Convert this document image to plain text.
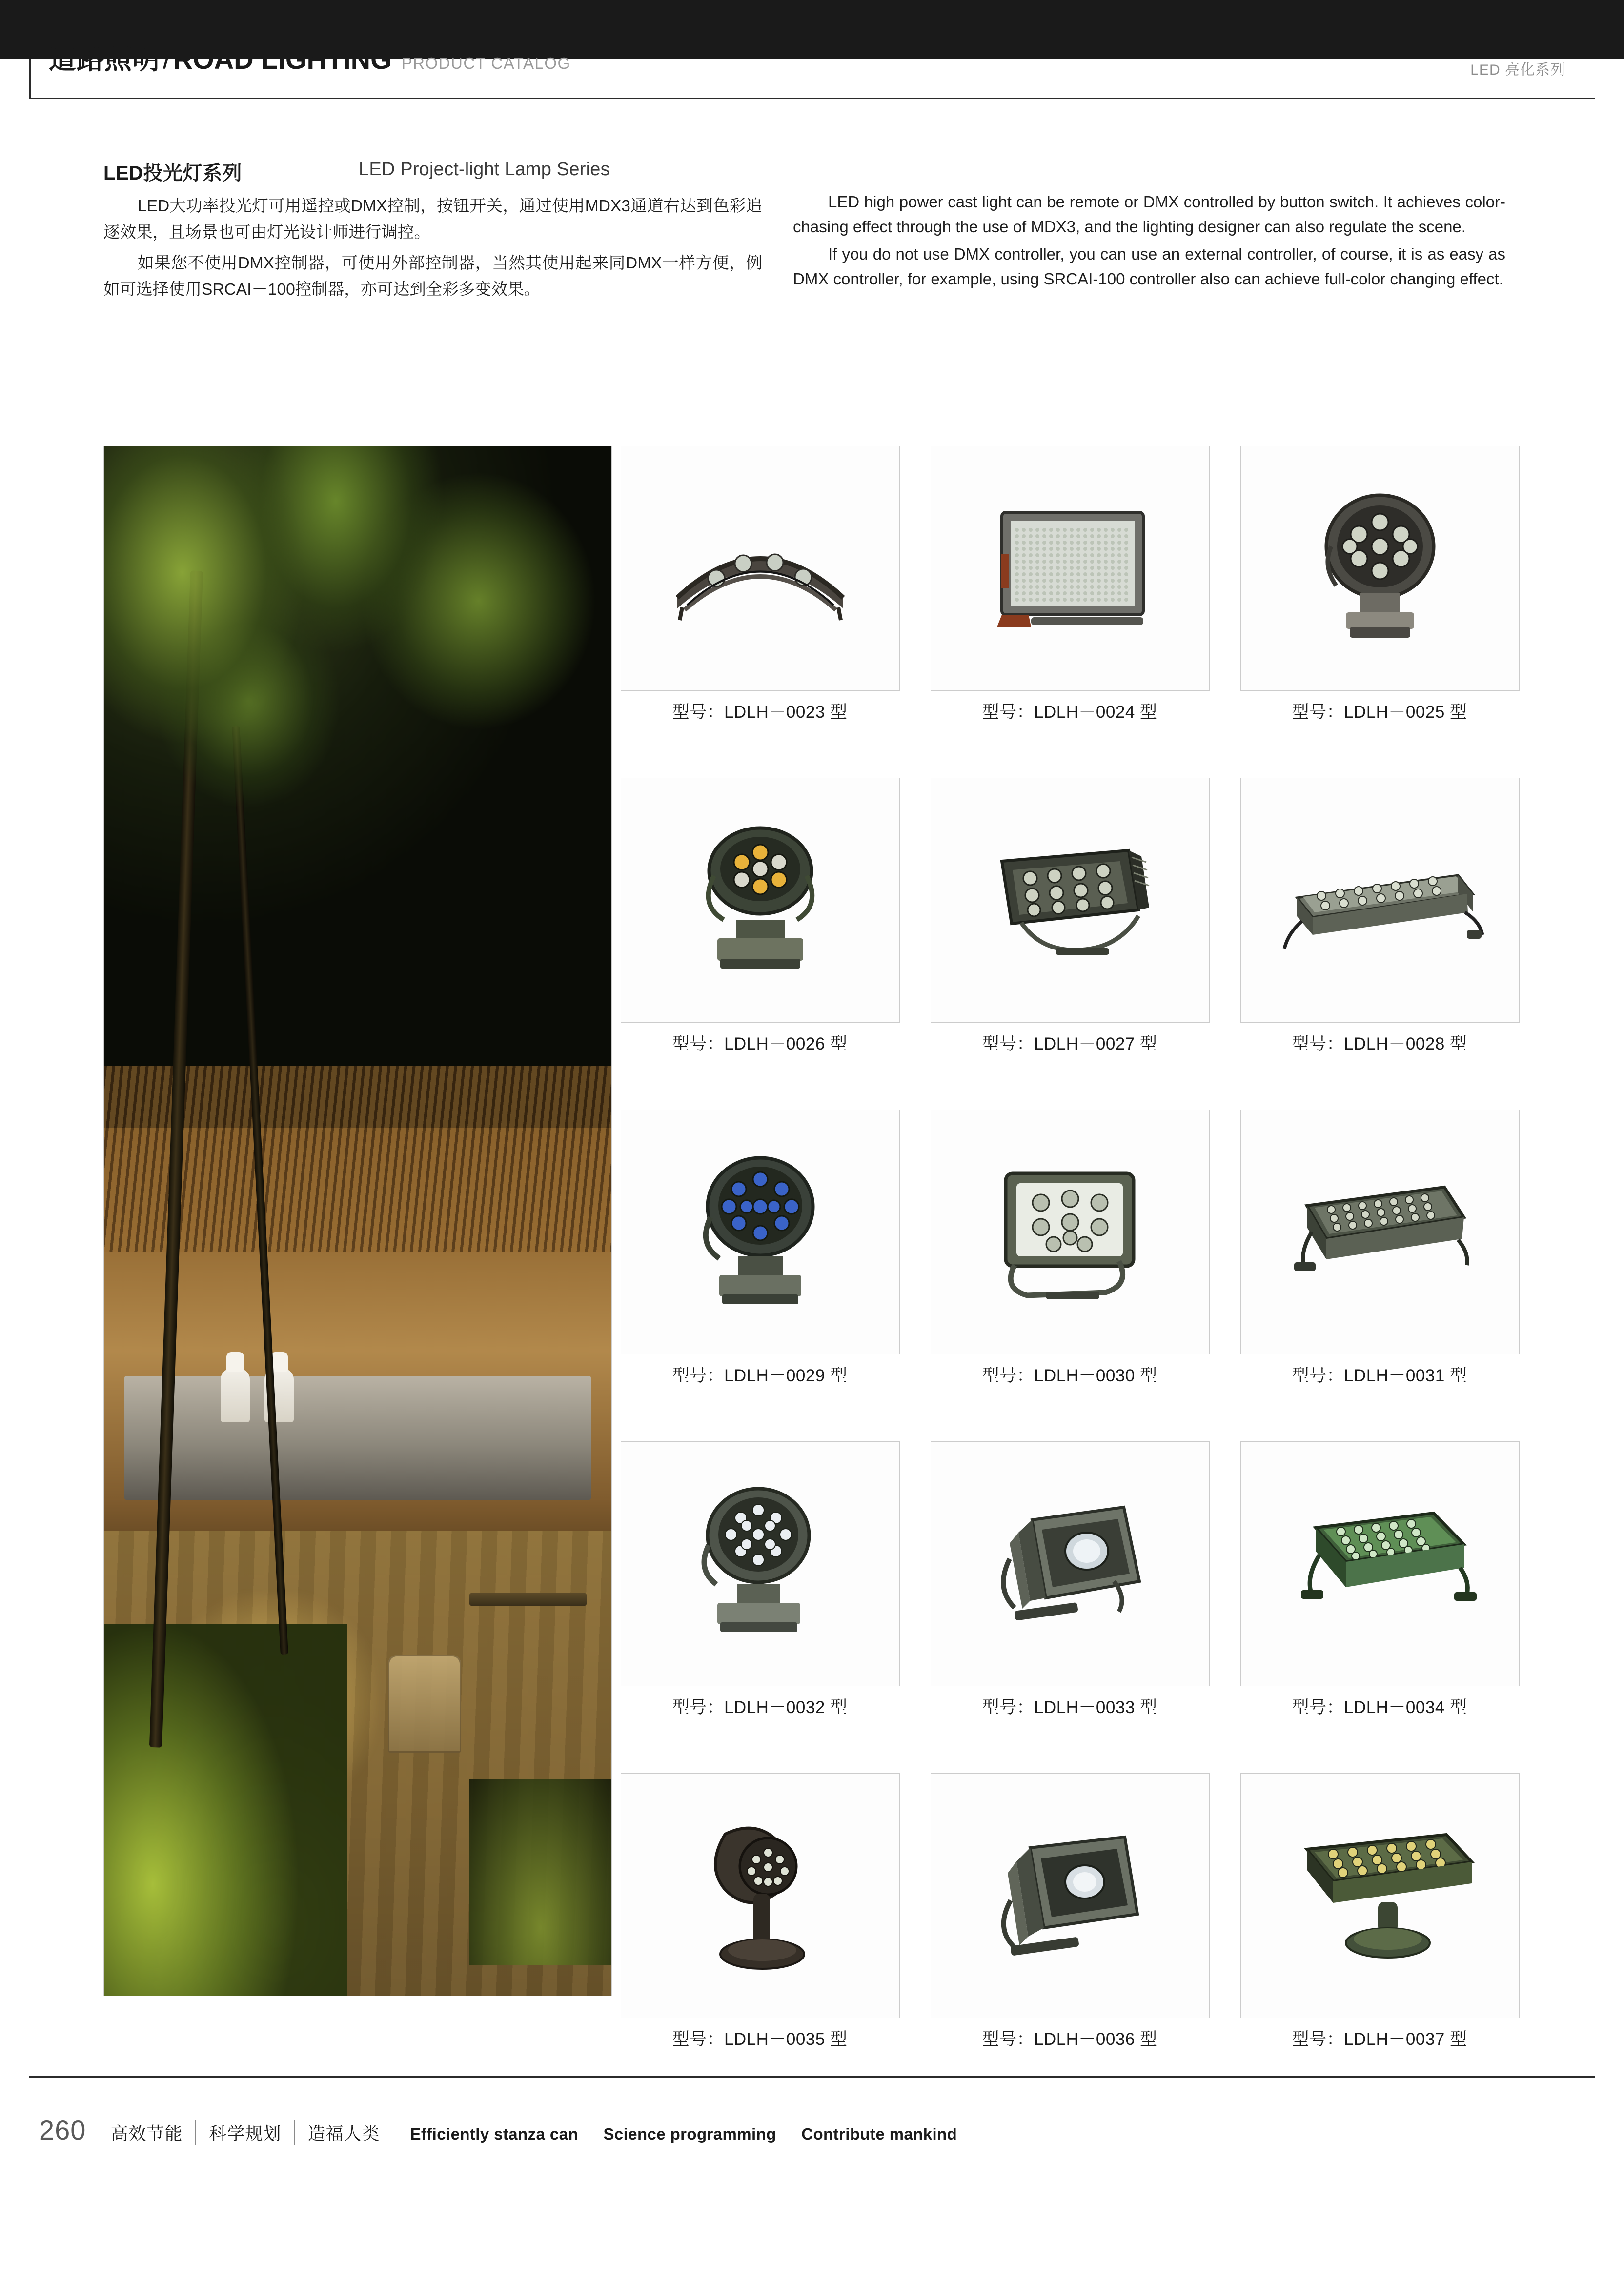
道路照明 / ROAD LIGHTING PRODUCT CATALOG	LED 亮化系列
LED投光灯系列	LED Project-light Lamp Series

LED大功率投光灯可用遥控或DMX控制，按钮开关，通过使用MDX3通道右达到色彩追逐效果，且场景也可由灯光设计师进行调控。

如果您不使用DMX控制器，可使用外部控制器，当然其使用起来同DMX一样方便，例如可选择使用SRCAI－100控制器，亦可达到全彩多变效果。

LED high power cast light can be remote or DMX controlled by button switch. It achieves color-chasing effect through the use of MDX3, and the lighting designer can also regulate the scene.

If you do not use DMX controller, you can use an external controller, of course, it is as easy as DMX controller, for example, using SRCAI-100 controller also can achieve full-color changing effect.

型号：LDLH－0023 型	型号：LDLH－0024 型	型号：LDLH－0025 型
型号：LDLH－0026 型	型号：LDLH－0027 型	型号：LDLH－0028 型
型号：LDLH－0029 型	型号：LDLH－0030 型	型号：LDLH－0031 型
型号：LDLH－0032 型	型号：LDLH－0033 型	型号：LDLH－0034 型
型号：LDLH－0035 型	型号：LDLH－0036 型	型号：LDLH－0037 型
260	高效节能	科学规划	造福人类	Efficiently stanza can Science programming Contribute mankind
